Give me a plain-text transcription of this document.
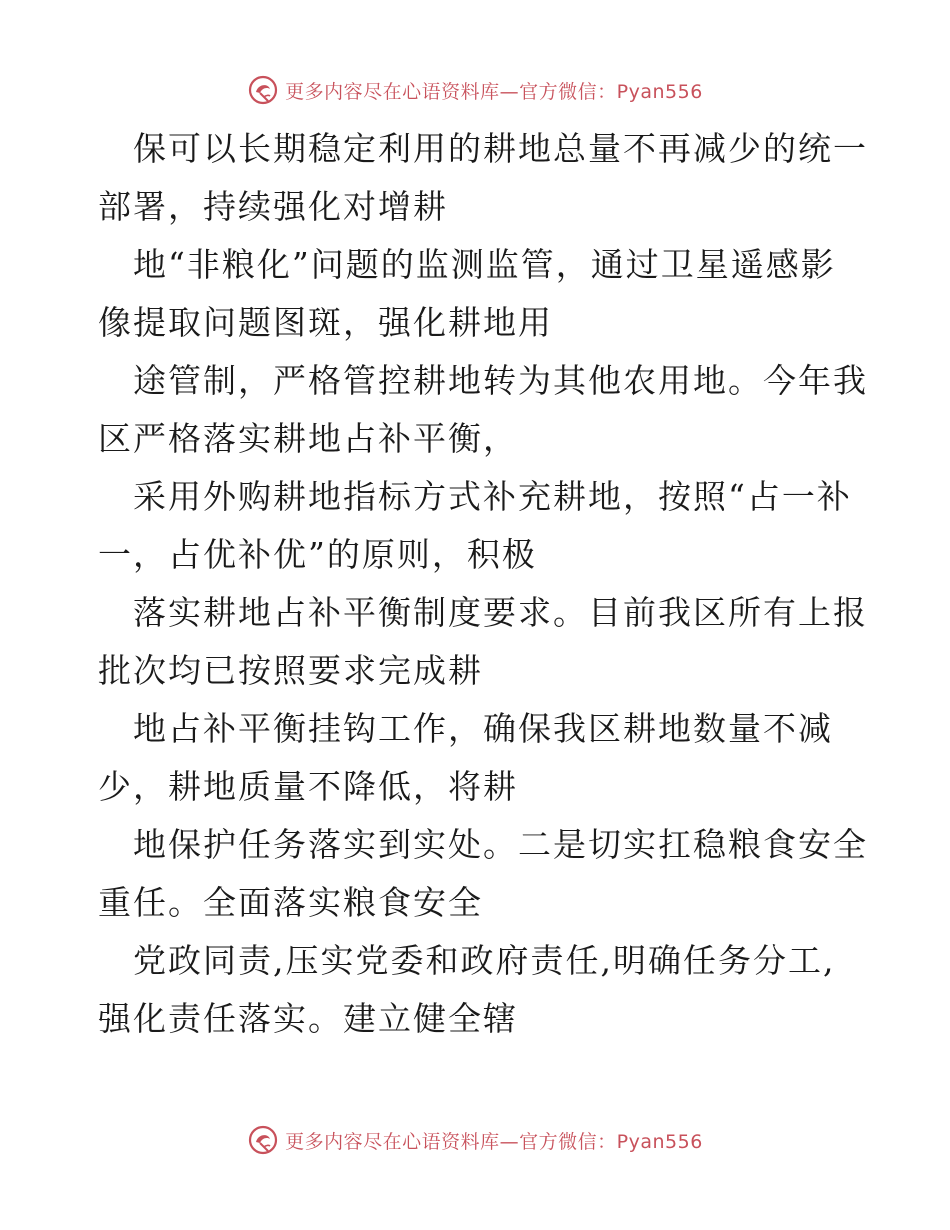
更多内容尽在心语资料库—官方微信：Pyan556

保可以长期稳定利用的耕地总量不再减少的统一
部署，持续强化对增耕

地“非粮化”问题的监测监管，通过卫星遥感影
像提取问题图斑，强化耕地用

途管制，严格管控耕地转为其他农用地。今年我
区严格落实耕地占补平衡，

采用外购耕地指标方式补充耕地，按照“占一补
一，占优补优”的原则，积极

落实耕地占补平衡制度要求。目前我区所有上报
批次均已按照要求完成耕

地占补平衡挂钩工作，确保我区耕地数量不减
少，耕地质量不降低，将耕

地保护任务落实到实处。二是切实扛稳粮食安全
重任。全面落实粮食安全

党政同责,压实党委和政府责任,明确任务分工,
强化责任落实。建立健全辖

更多内容尽在心语资料库—官方微信：Pyan556
